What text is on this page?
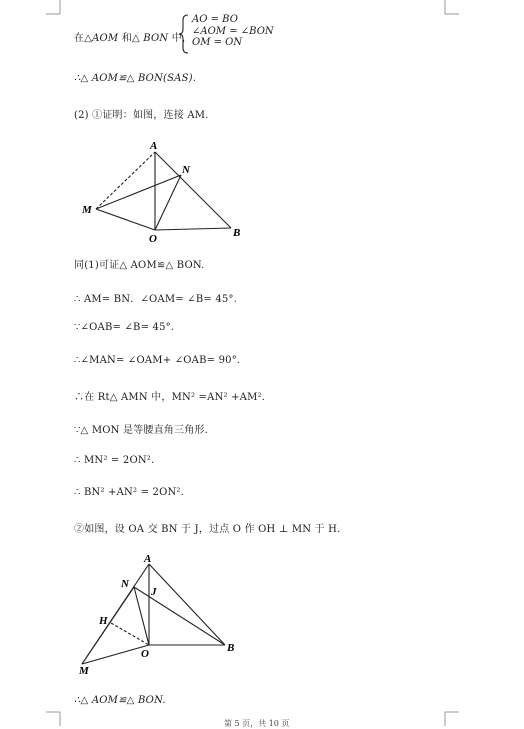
在△AOM 和△ BON 中，
AO = BO
∠AOM = ∠BON
OM = ON
∴△ AOM≌△ BON(SAS).
(2) ①证明：如图，连接 AM.
A
N
M
O	B
同(1)可证△ AOM≌△ BON.
∴ AM= BN．∠OAM= ∠B= 45°.
∵∠OAB= ∠B= 45°.
∴∠MAN= ∠OAM+ ∠OAB= 90°.
∴在 Rt△ AMN 中，MN² =AN² +AM².
∵△ MON 是等腰直角三角形.
∴ MN² = 2ON².
∴ BN² +AN² = 2ON².
②如图，设 OA 交 BN 于 J，过点 O 作 OH ⊥ MN 于 H.
A
N
J
H
M
O	B
∴△ AOM≌△ BON.
第 5 页，共 10 页
